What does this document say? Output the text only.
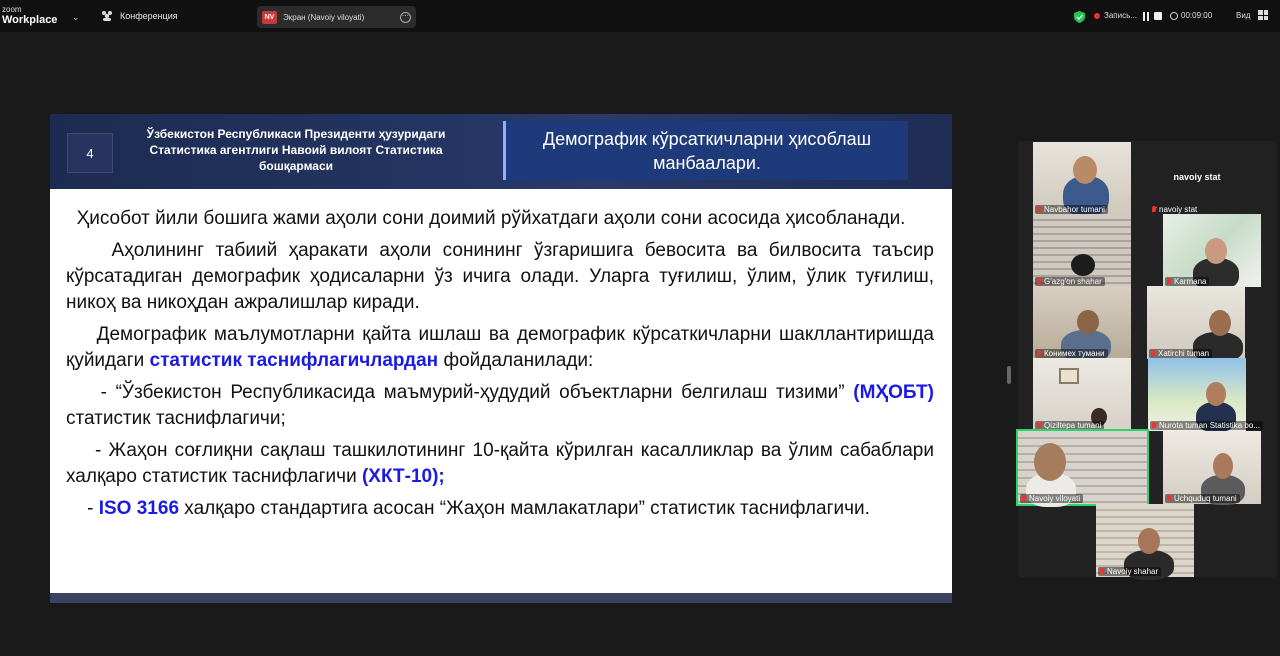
zoom
Workplace ⌄	Конференция	NV	Экран (Navoiy viloyati)	⋯	Запись...	00:09:00	Вид
4
Ўзбекистон Республикаси Президенти ҳузуридаги Статистика агентлиги Навоий вилоят Статистика бошқармаси
Демографик кўрсаткичларни ҳисоблаш манбаалари.

Ҳисобот йили бошига жами аҳоли сони доимий рўйхатдаги аҳоли сони асосида ҳисобланади.

Аҳолининг табиий ҳаракати аҳоли сонининг ўзгаришига бевосита ва билвосита таъсир кўрсатадиган демографик ҳодисаларни ўз ичига олади. Уларга туғилиш, ўлим, ўлик туғилиш, никоҳ ва никоҳдан ажралишлар киради.

Демографик маълумотларни қайта ишлаш ва демографик кўрсаткичларни шакллантиришда қуйидаги статистик таснифлагичлардан фойдаланилади:

- “Ўзбекистон Республикасида маъмурий-ҳудудий объектларни белгилаш тизими” (МҲОБТ) статистик таснифлагичи;

- Жаҳон соғлиқни сақлаш ташкилотининг 10-қайта кўрилган касалликлар ва ўлим сабаблари халқаро статистик таснифлагичи (ХКТ-10);

- ISO 3166 халқаро стандартига асосан “Жаҳон мамлакатлари” статистик таснифлагичи.

Navbahor tumani
navoiy stat
navoiy stat
G'azg'on shahar	Karmana
Конимех тумани	Xatirchi tuman
Qiziltepa tumani	Nurota tuman Statistika bo...
Navoiy viloyati	Uchquduq tumani
Navoiy shahar
